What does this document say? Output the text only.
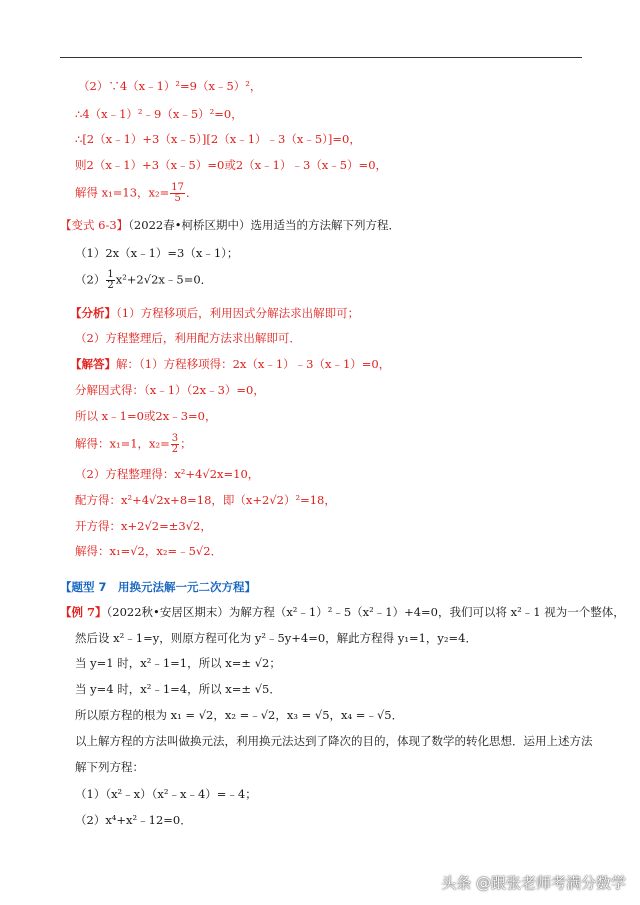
（2）∵4（x﹣1）²=9（x﹣5）²，
∴4（x﹣1）²﹣9（x﹣5）²=0，
∴[2（x﹣1）+3（x﹣5）][2（x﹣1）﹣3（x﹣5）]=0，
则2（x﹣1）+3（x﹣5）=0或2（x﹣1）﹣3（x﹣5）=0，
解得 x₁=13，$x_2= \frac{17}{5}$ ．
【变式 6-3】（2022春•柯桥区期中）选用适当的方法解下列方程．
（1）2x（x﹣1）=3（x﹣1）；
$(2) \frac{1}{2}$ x²+2√2x﹣5=0．
【分析】（1）方程移项后，利用因式分解法求出解即可；
（2）方程整理后，利用配方法求出解即可．
【解答】解：（1）方程移项得：2x（x﹣1）﹣3（x﹣1）=0，
分解因式得：（x﹣1）（2x﹣3）=0，
所以 x﹣1=0或2x﹣3=0，
解得：x₁=1，$x_2= \frac{3}{2}$ ；
（2）方程整理得：x²+4√2x=10，
配方得：x²+4√2x+8=18，即（x+2√2）²=18，
开方得：x+2√2=±3√2，
解得：x₁=√2，x₂=﹣5√2．
【题型 7　用换元法解一元二次方程】
【例 7】（2022秋•安居区期末）为解方程（x²﹣1）²﹣5（x²﹣1）+4=0，我们可以将 x²﹣1 视为一个整体，
然后设 x²﹣1=y，则原方程可化为 y²﹣5y+4=0，解此方程得 y₁=1，y₂=4．
当 y=1 时，x²﹣1=1，所以 x=± √2；
当 y=4 时，x²﹣1=4，所以 x=± √5．
所以原方程的根为 x₁ = √2，x₂ =﹣√2，x₃ = √5，x₄ =﹣√5．
以上解方程的方法叫做换元法，利用换元法达到了降次的目的，体现了数学的转化思想．运用上述方法
解下列方程：
（1）（x²﹣x）（x²﹣x﹣4）=﹣4；
（2）x⁴+x²﹣12=0．
头条 @跟张老师考满分数学
